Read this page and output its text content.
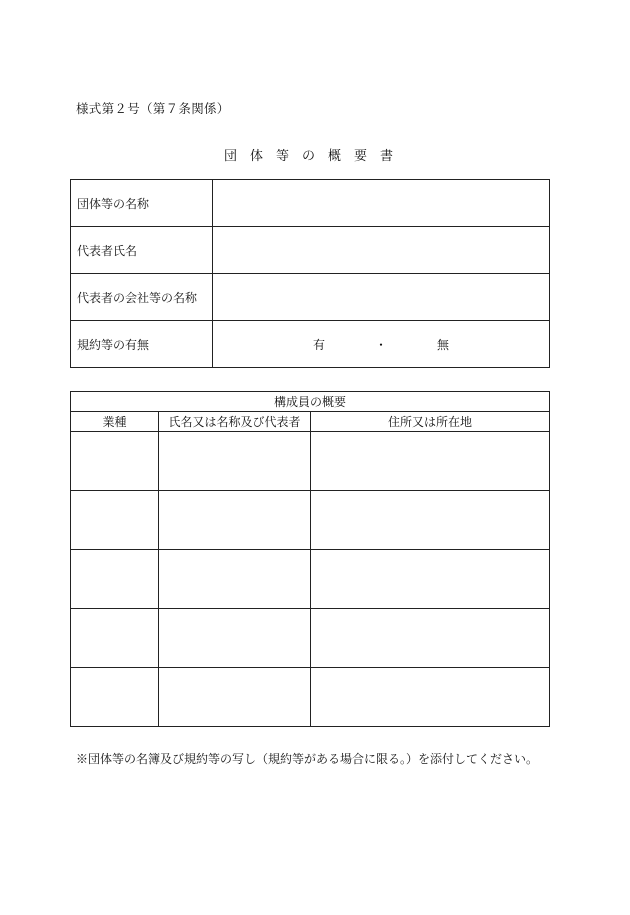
様式第２号（第７条関係）
団体等の概要書
団体等の名称	
代表者氏名	
代表者の会社等の名称	
規約等の有無	有 ・ 無
構成員の概要		
業種	氏名又は名称及び代表者	住所又は所在地

※団体等の名簿及び規約等の写し（規約等がある場合に限る。）を添付してください。
